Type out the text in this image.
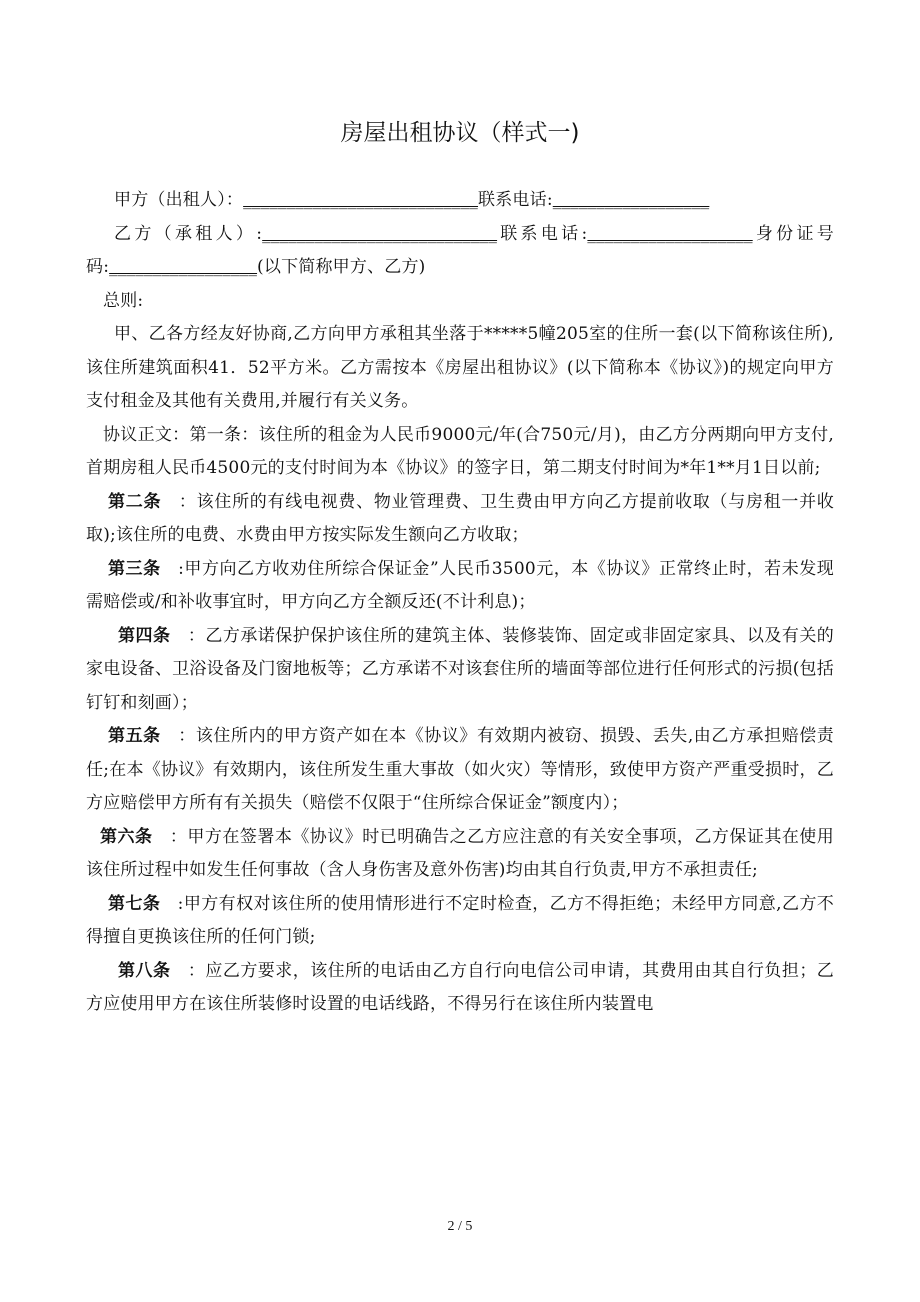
房屋出租协议（样式一)

甲方（出租人）：___________________________联系电话:__________________

乙方（承租人）:___________________________联系电话:___________________身份证号码:_________________(以下简称甲方、乙方)

总则:

甲、乙各方经友好协商,乙方向甲方承租其坐落于*****5幢205室的住所一套(以下简称该住所),该住所建筑面积41．52平方米。乙方需按本《房屋出租协议》(以下简称本《协议》)的规定向甲方支付租金及其他有关费用,并履行有关义务。

协议正文：第一条：该住所的租金为人民币9000元/年(合750元/月)，由乙方分两期向甲方支付,首期房租人民币4500元的支付时间为本《协议》的签字日，第二期支付时间为*年1**月1日以前;

第二条　：该住所的有线电视费、物业管理费、卫生费由甲方向乙方提前收取（与房租一并收取);该住所的电费、水费由甲方按实际发生额向乙方收取；

第三条　:甲方向乙方收劝住所综合保证金”人民币3500元，本《协议》正常终止时，若未发现需赔偿或/和补收事宜时，甲方向乙方全额反还(不计利息)；

第四条　：乙方承诺保护保护该住所的建筑主体、装修装饰、固定或非固定家具、以及有关的家电设备、卫浴设备及门窗地板等；乙方承诺不对该套住所的墙面等部位进行任何形式的污损(包括钉钉和刻画）；

第五条　：该住所内的甲方资产如在本《协议》有效期内被窃、损毁、丢失,由乙方承担赔偿责任;在本《协议》有效期内，该住所发生重大事故（如火灾）等情形，致使甲方资产严重受损时，乙方应赔偿甲方所有有关损失（赔偿不仅限于“住所综合保证金”额度内）；

第六条　：甲方在签署本《协议》时已明确告之乙方应注意的有关安全事项，乙方保证其在使用该住所过程中如发生任何事故（含人身伤害及意外伤害)均由其自行负责,甲方不承担责任;

第七条　:甲方有权对该住所的使用情形进行不定时检查，乙方不得拒绝；未经甲方同意,乙方不得擅自更换该住所的任何门锁;

第八条　：应乙方要求，该住所的电话由乙方自行向电信公司申请，其费用由其自行负担；乙方应使用甲方在该住所装修时设置的电话线路，不得另行在该住所内装置电

2 / 5
